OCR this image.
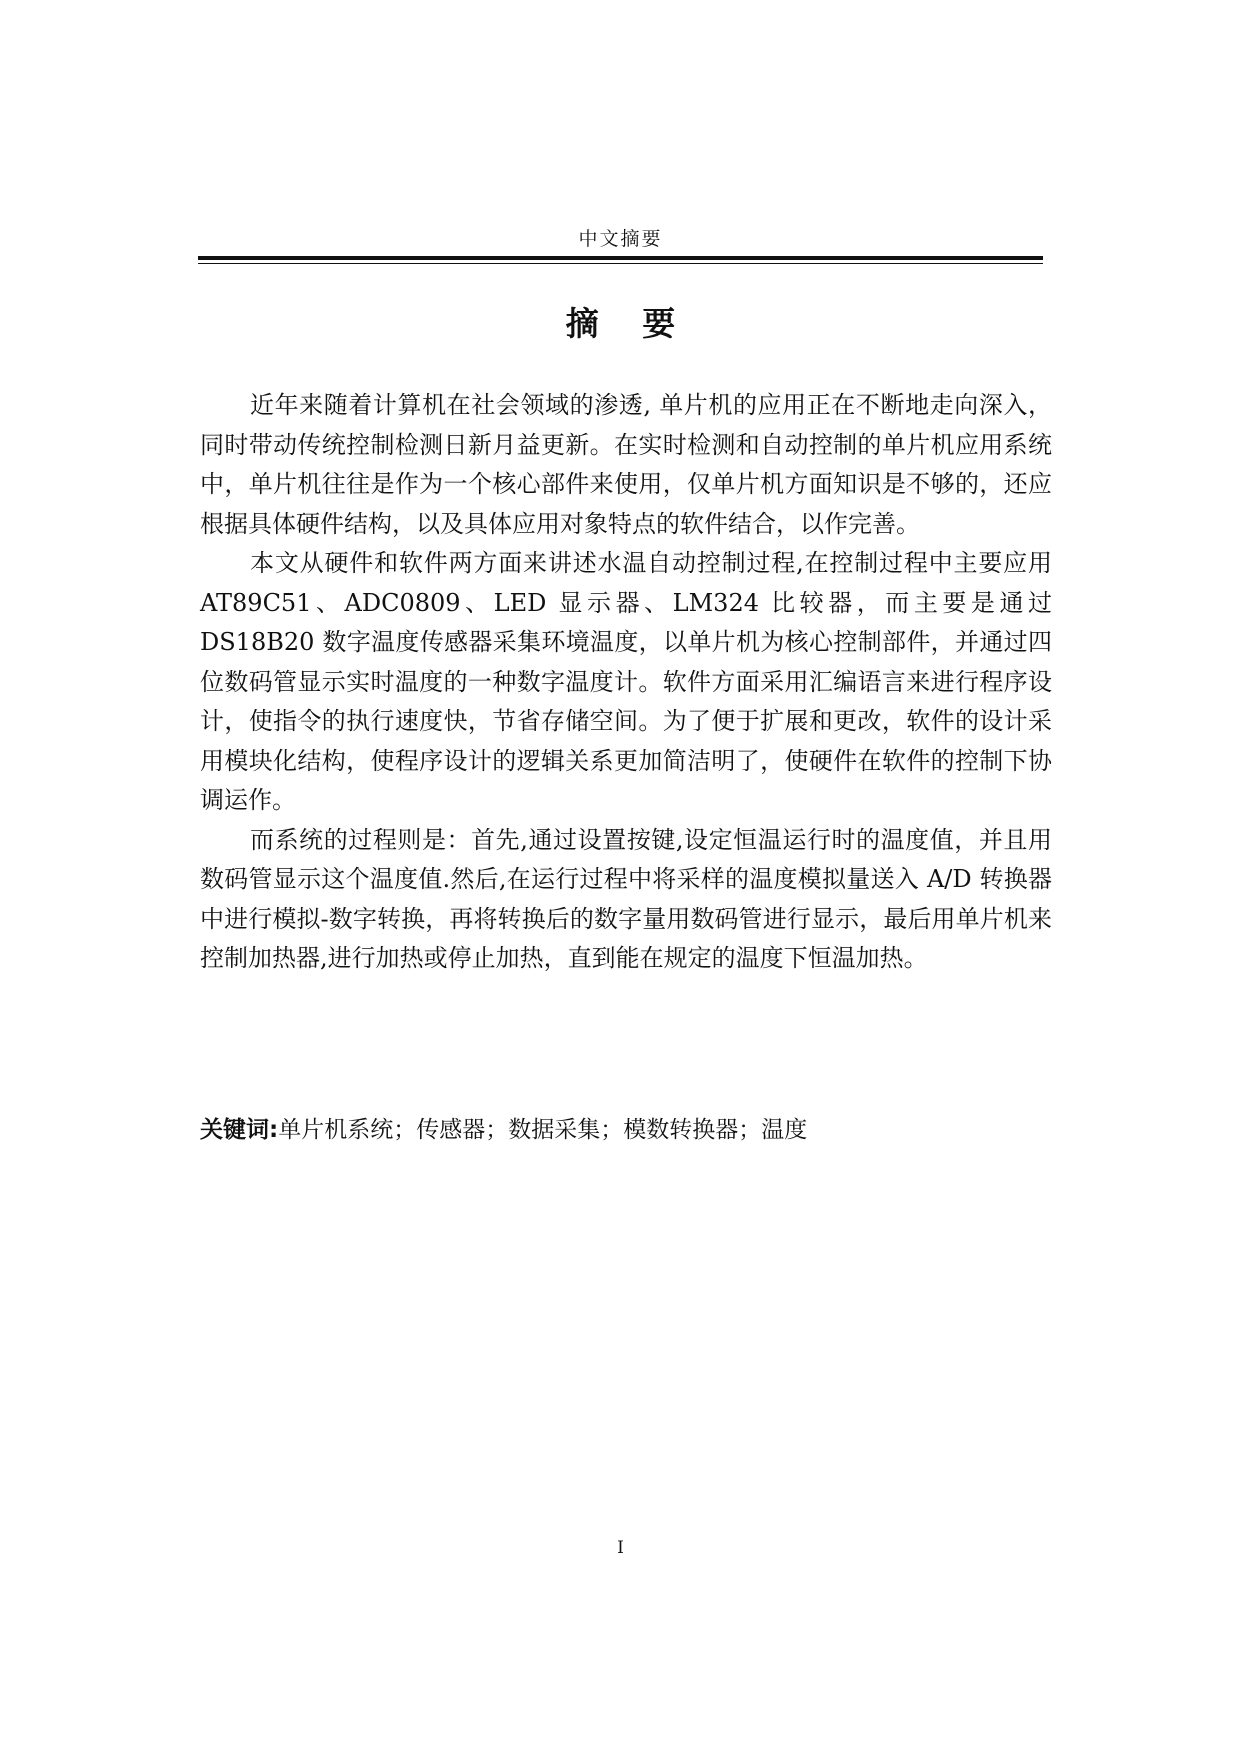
中文摘要
摘 要

近年来随着计算机在社会领域的渗透, 单片机的应用正在不断地走向深入，同时带动传统控制检测日新月益更新。在实时检测和自动控制的单片机应用系统中，单片机往往是作为一个核心部件来使用，仅单片机方面知识是不够的，还应根据具体硬件结构，以及具体应用对象特点的软件结合，以作完善。

本文从硬件和软件两方面来讲述水温自动控制过程,在控制过程中主要应用 AT89C51、ADC0809、LED 显示器、LM324 比较器，而主要是通过 DS18B20 数字温度传感器采集环境温度，以单片机为核心控制部件，并通过四位数码管显示实时温度的一种数字温度计。软件方面采用汇编语言来进行程序设计，使指令的执行速度快，节省存储空间。为了便于扩展和更改，软件的设计采用模块化结构，使程序设计的逻辑关系更加简洁明了，使硬件在软件的控制下协调运作。

而系统的过程则是：首先,通过设置按键,设定恒温运行时的温度值，并且用数码管显示这个温度值.然后,在运行过程中将采样的温度模拟量送入 A/D 转换器中进行模拟-数字转换，再将转换后的数字量用数码管进行显示，最后用单片机来控制加热器,进行加热或停止加热，直到能在规定的温度下恒温加热。

关键词:单片机系统；传感器；数据采集；模数转换器；温度
I
